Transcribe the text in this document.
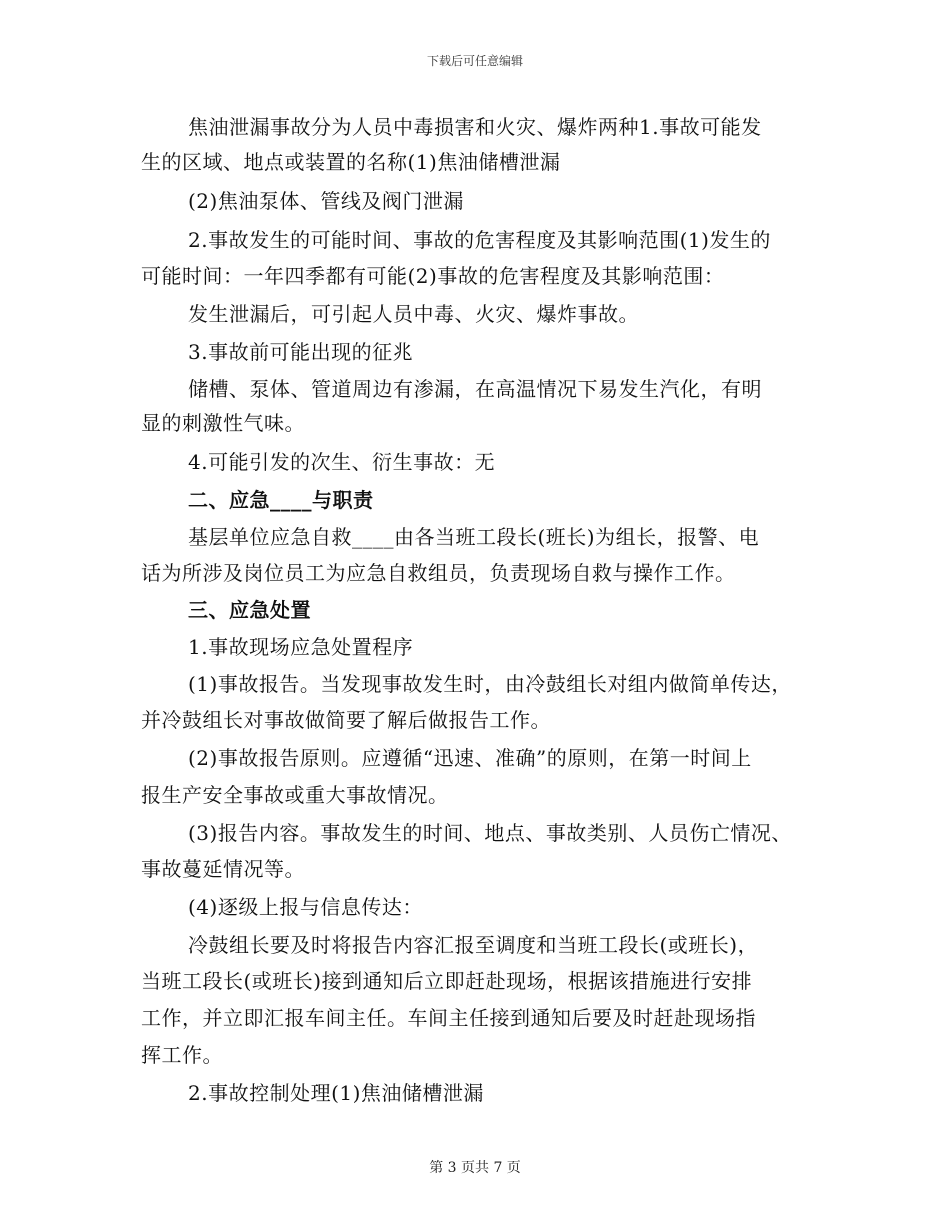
下载后可任意编辑
焦油泄漏事故分为人员中毒损害和火灾、爆炸两种1.事故可能发
生的区域、地点或装置的名称(1)焦油储槽泄漏
(2)焦油泵体、管线及阀门泄漏
2.事故发生的可能时间、事故的危害程度及其影响范围(1)发生的
可能时间：一年四季都有可能(2)事故的危害程度及其影响范围：
发生泄漏后，可引起人员中毒、火灾、爆炸事故。
3.事故前可能出现的征兆
储槽、泵体、管道周边有渗漏，在高温情况下易发生汽化，有明
显的刺激性气味。
4.可能引发的次生、衍生事故：无
二、应急____与职责
基层单位应急自救____由各当班工段长(班长)为组长，报警、电
话为所涉及岗位员工为应急自救组员，负责现场自救与操作工作。
三、应急处置
1.事故现场应急处置程序
(1)事故报告。当发现事故发生时，由冷鼓组长对组内做简单传达，
并冷鼓组长对事故做简要了解后做报告工作。
(2)事故报告原则。应遵循“迅速、准确”的原则，在第一时间上
报生产安全事故或重大事故情况。
(3)报告内容。事故发生的时间、地点、事故类别、人员伤亡情况、
事故蔓延情况等。
(4)逐级上报与信息传达：
冷鼓组长要及时将报告内容汇报至调度和当班工段长(或班长)，
当班工段长(或班长)接到通知后立即赶赴现场，根据该措施进行安排
工作，并立即汇报车间主任。车间主任接到通知后要及时赶赴现场指
挥工作。
2.事故控制处理(1)焦油储槽泄漏
第 3 页共 7 页
